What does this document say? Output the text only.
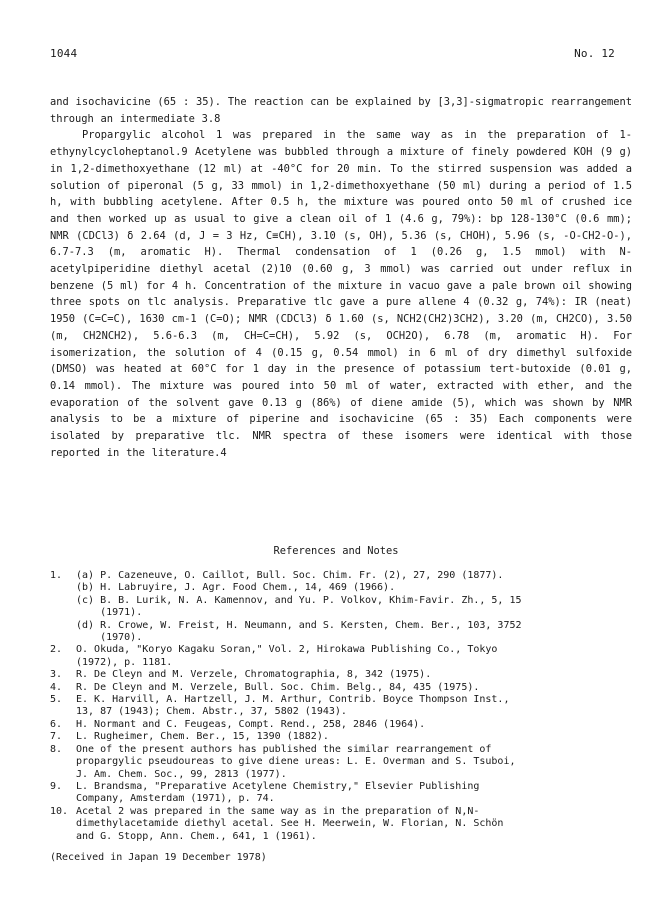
1044	No. 12

and isochavicine (65 : 35). The reaction can be explained by [3,3]-sigmatropic rearrangement through an intermediate 3.8

Propargylic alcohol 1 was prepared in the same way as in the preparation of 1-ethynylcycloheptanol.9 Acetylene was bubbled through a mixture of finely powdered KOH (9 g) in 1,2-dimethoxyethane (12 ml) at -40°C for 20 min. To the stirred suspension was added a solution of piperonal (5 g, 33 mmol) in 1,2-dimethoxyethane (50 ml) during a period of 1.5 h, with bubbling acetylene. After 0.5 h, the mixture was poured onto 50 ml of crushed ice and then worked up as usual to give a clean oil of 1 (4.6 g, 79%): bp 128-130°C (0.6 mm); NMR (CDCl3) δ 2.64 (d, J = 3 Hz, C≡CH), 3.10 (s, OH), 5.36 (s, CHOH), 5.96 (s, -O-CH2-O-), 6.7-7.3 (m, aromatic H). Thermal condensation of 1 (0.26 g, 1.5 mmol) with N-acetylpiperidine diethyl acetal (2)10 (0.60 g, 3 mmol) was carried out under reflux in benzene (5 ml) for 4 h. Concentration of the mixture in vacuo gave a pale brown oil showing three spots on tlc analysis. Preparative tlc gave a pure allene 4 (0.32 g, 74%): IR (neat) 1950 (C=C=C), 1630 cm-1 (C=O); NMR (CDCl3) δ 1.60 (s, NCH2(CH2)3CH2), 3.20 (m, CH2CO), 3.50 (m, CH2NCH2), 5.6-6.3 (m, CH=C=CH), 5.92 (s, OCH2O), 6.78 (m, aromatic H). For isomerization, the solution of 4 (0.15 g, 0.54 mmol) in 6 ml of dry dimethyl sulfoxide (DMSO) was heated at 60°C for 1 day in the presence of potassium tert-butoxide (0.01 g, 0.14 mmol). The mixture was poured into 50 ml of water, extracted with ether, and the evaporation of the solvent gave 0.13 g (86%) of diene amide (5), which was shown by NMR analysis to be a mixture of piperine and isochavicine (65 : 35) Each components were isolated by preparative tlc. NMR spectra of these isomers were identical with those reported in the literature.4

References and Notes
1.	(a) P. Cazeneuve, O. Caillot, Bull. Soc. Chim. Fr. (2), 27, 290 (1877).
(b) H. Labruyire, J. Agr. Food Chem., 14, 469 (1966).
(c) B. B. Lurik, N. A. Kamennov, and Yu. P. Volkov, Khim-Favir. Zh., 5, 15
(1971).
(d) R. Crowe, W. Freist, H. Neumann, and S. Kersten, Chem. Ber., 103, 3752
(1970).
2.	O. Okuda, "Koryo Kagaku Soran," Vol. 2, Hirokawa Publishing Co., Tokyo
(1972), p. 1181.
3.	R. De Cleyn and M. Verzele, Chromatographia, 8, 342 (1975).
4.	R. De Cleyn and M. Verzele, Bull. Soc. Chim. Belg., 84, 435 (1975).
5.	E. K. Harvill, A. Hartzell, J. M. Arthur, Contrib. Boyce Thompson Inst.,
13, 87 (1943); Chem. Abstr., 37, 5802 (1943).
6.	H. Normant and C. Feugeas, Compt. Rend., 258, 2846 (1964).
7.	L. Rugheimer, Chem. Ber., 15, 1390 (1882).
8.	One of the present authors has published the similar rearrangement of
propargylic pseudoureas to give diene ureas: L. E. Overman and S. Tsuboi,
J. Am. Chem. Soc., 99, 2813 (1977).
9.	L. Brandsma, "Preparative Acetylene Chemistry," Elsevier Publishing
Company, Amsterdam (1971), p. 74.
10. Acetal 2 was prepared in the same way as in the preparation of N,N-
dimethylacetamide diethyl acetal. See H. Meerwein, W. Florian, N. Schön
and G. Stopp, Ann. Chem., 641, 1 (1961).
(Received in Japan 19 December 1978)
